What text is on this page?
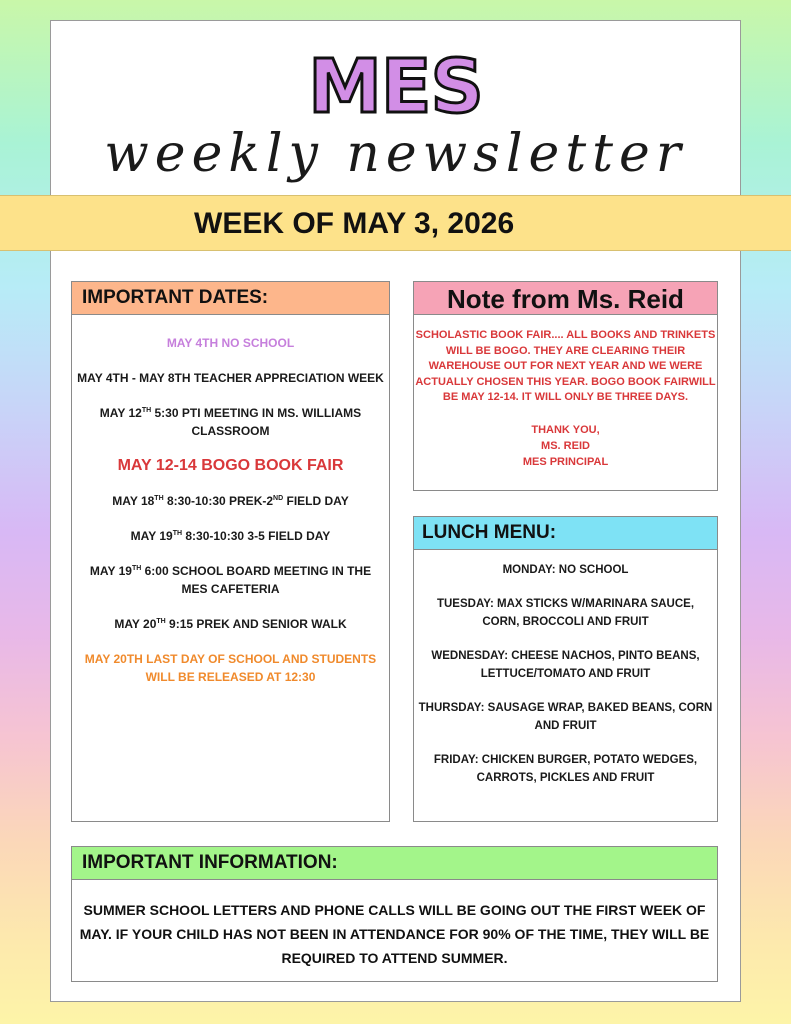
MES
weekly newsletter
WEEK OF MAY 3, 2026
IMPORTANT DATES:
MAY 4TH NO SCHOOL
MAY 4TH - MAY 8TH TEACHER APPRECIATION WEEK
MAY 12TH 5:30 PTI MEETING IN MS. WILLIAMS CLASSROOM
MAY 12-14 BOGO BOOK FAIR
MAY 18TH 8:30-10:30 PREK-2ND FIELD DAY
MAY 19TH 8:30-10:30 3-5 FIELD DAY
MAY 19TH 6:00 SCHOOL BOARD MEETING IN THE MES CAFETERIA
MAY 20TH 9:15 PREK AND SENIOR WALK
MAY 20TH LAST DAY OF SCHOOL AND STUDENTS WILL BE RELEASED AT 12:30
Note from Ms. Reid
SCHOLASTIC BOOK FAIR.... ALL BOOKS AND TRINKETS WILL BE BOGO. THEY ARE CLEARING THEIR WAREHOUSE OUT FOR NEXT YEAR AND WE WERE ACTUALLY CHOSEN THIS YEAR. BOGO BOOK FAIRWILL BE MAY 12-14. IT WILL ONLY BE THREE DAYS.
THANK YOU,
MS. REID
MES PRINCIPAL
LUNCH MENU:
MONDAY: NO SCHOOL
TUESDAY: MAX STICKS W/MARINARA SAUCE, CORN, BROCCOLI AND FRUIT
WEDNESDAY: CHEESE NACHOS, PINTO BEANS, LETTUCE/TOMATO AND FRUIT
THURSDAY: SAUSAGE WRAP, BAKED BEANS, CORN AND FRUIT
FRIDAY: CHICKEN BURGER, POTATO WEDGES, CARROTS, PICKLES AND FRUIT
IMPORTANT INFORMATION:
SUMMER SCHOOL LETTERS AND PHONE CALLS WILL BE GOING OUT THE FIRST WEEK OF MAY. IF YOUR CHILD HAS NOT BEEN IN ATTENDANCE FOR 90% OF THE TIME, THEY WILL BE REQUIRED TO ATTEND SUMMER.
